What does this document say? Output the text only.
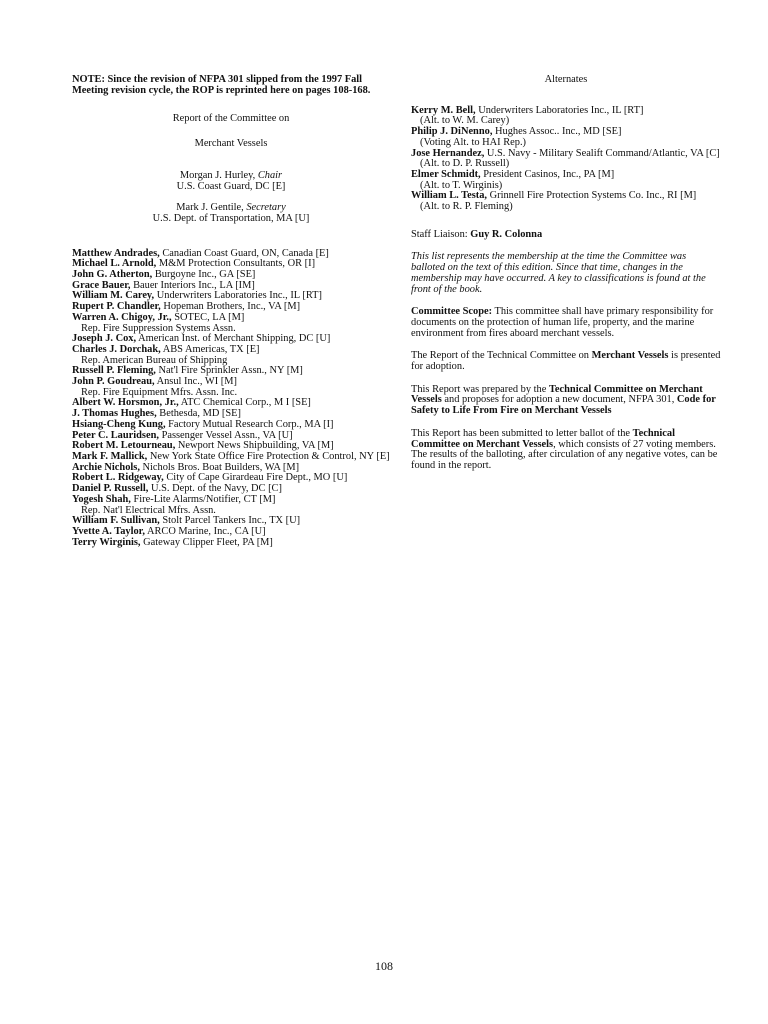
NOTE: Since the revision of NFPA 301 slipped from the 1997 Fall Meeting revision cycle, the ROP is reprinted here on pages 108-168.
Report of the Committee on
Merchant Vessels
Morgan J. Hurley, Chair
U.S. Coast Guard, DC [E]
Mark J. Gentile, Secretary
U.S. Dept. of Transportation, MA [U]
Matthew Andrades, Canadian Coast Guard, ON, Canada [E]
Michael L. Arnold, M&M Protection Consultants, OR [I]
John G. Atherton, Burgoyne Inc., GA [SE]
Grace Bauer, Bauer Interiors Inc., LA [IM]
William M. Carey, Underwriters Laboratories Inc., IL [RT]
Rupert P. Chandler, Hopeman Brothers, Inc., VA [M]
Warren A. Chigoy, Jr., SOTEC, LA [M]
Rep. Fire Suppression Systems Assn.
Joseph J. Cox, American Inst. of Merchant Shipping, DC [U]
Charles J. Dorchak, ABS Americas, TX [E]
Rep. American Bureau of Shipping
Russell P. Fleming, Nat'l Fire Sprinkler Assn., NY [M]
John P. Goudreau, Ansul Inc., WI [M]
Rep. Fire Equipment Mfrs. Assn. Inc.
Albert W. Horsmon, Jr., ATC Chemical Corp., M I [SE]
J. Thomas Hughes, Bethesda, MD [SE]
Hsiang-Cheng Kung, Factory Mutual Research Corp., MA [I]
Peter C. Lauridsen, Passenger Vessel Assn., VA [U]
Robert M. Letourneau, Newport News Shipbuilding, VA [M]
Mark F. Mallick, New York State Office Fire Protection & Control, NY [E]
Archie Nichols, Nichols Bros. Boat Builders, WA [M]
Robert L. Ridgeway, City of Cape Girardeau Fire Dept., MO [U]
Daniel P. Russell, U.S. Dept. of the Navy, DC [C]
Yogesh Shah, Fire-Lite Alarms/Notifier, CT [M]
Rep. Nat'l Electrical Mfrs. Assn.
William F. Sullivan, Stolt Parcel Tankers Inc., TX [U]
Yvette A. Taylor, ARCO Marine, Inc., CA [U]
Terry Wirginis, Gateway Clipper Fleet, PA [M]
Alternates
Kerry M. Bell, Underwriters Laboratories Inc., IL [RT]
(Alt. to W. M. Carey)
Philip J. DiNenno, Hughes Assoc.. Inc., MD [SE]
(Voting Alt. to HAI Rep.)
Jose Hernandez, U.S. Navy - Military Sealift Command/Atlantic, VA [C]
(Alt. to D. P. Russell)
Elmer Schmidt, President Casinos, Inc., PA [M]
(Alt. to T. Wirginis)
William L. Testa, Grinnell Fire Protection Systems Co. Inc., RI [M]
(Alt. to R. P. Fleming)
Staff Liaison: Guy R. Colonna
This list represents the membership at the time the Committee was balloted on the text of this edition. Since that time, changes in the membership may have occurred. A key to classifications is found at the front of the book.
Committee Scope: This committee shall have primary responsibility for documents on the protection of human life, property, and the marine environment from fires aboard merchant vessels.
The Report of the Technical Committee on Merchant Vessels is presented for adoption.
This Report was prepared by the Technical Committee on Merchant Vessels and proposes for adoption a new document, NFPA 301, Code for Safety to Life From Fire on Merchant Vessels
This Report has been submitted to letter ballot of the Technical Committee on Merchant Vessels, which consists of 27 voting members. The results of the balloting, after circulation of any negative votes, can be found in the report.
108
